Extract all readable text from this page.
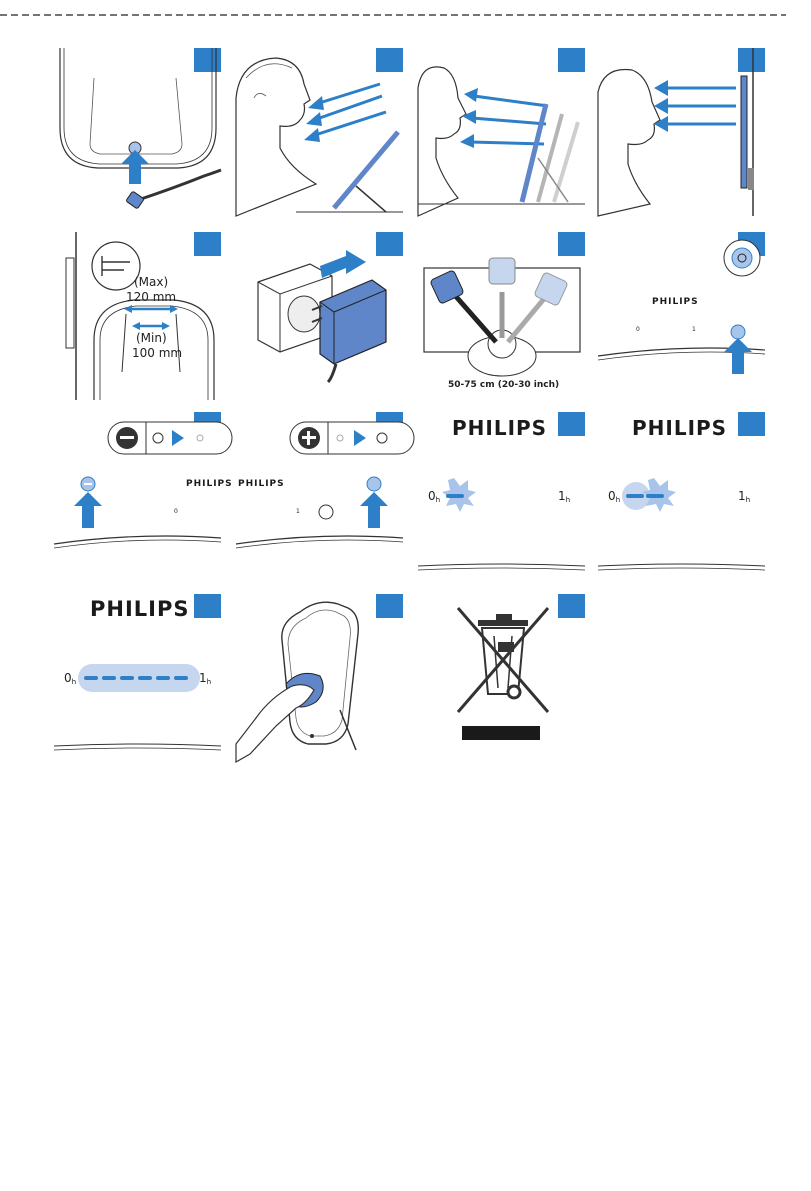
(Max)
120 mm
(Min)
100 mm
50-75 cm (20-30 inch)
PHILIPS
0	1
PHILIPS
0
PHILIPS
1
PHILIPS
$0_h$	$1_h$
PHILIPS
$0_h$	$1_h$
PHILIPS
$0_h$	$1_h$
